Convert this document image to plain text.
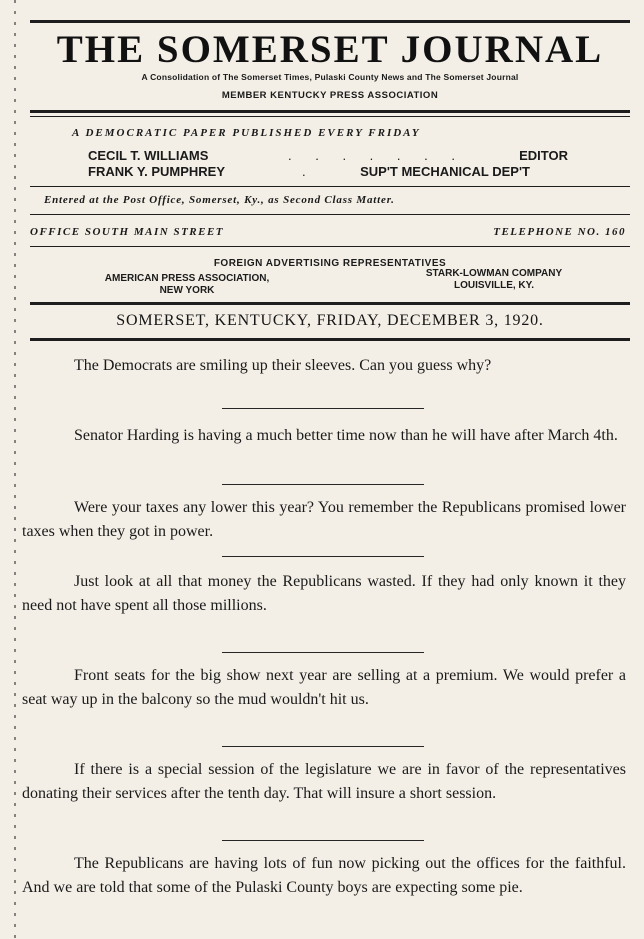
THE SOMERSET JOURNAL
A Consolidation of The Somerset Times, Pulaski County News and The Somerset Journal
MEMBER KENTUCKY PRESS ASSOCIATION
A DEMOCRATIC PAPER PUBLISHED EVERY FRIDAY
CECIL T. WILLIAMS	. . . . . . .	EDITOR
FRANK Y. PUMPHREY	.	SUP'T MECHANICAL DEP'T
Entered at the Post Office, Somerset, Ky., as Second Class Matter.
OFFICE SOUTH MAIN STREET	TELEPHONE NO. 160
FOREIGN ADVERTISING REPRESENTATIVES
AMERICAN PRESS ASSOCIATION,
NEW YORK
STARK-LOWMAN COMPANY
LOUISVILLE, KY.
SOMERSET, KENTUCKY, FRIDAY, DECEMBER 3, 1920.

The Democrats are smiling up their sleeves. Can you guess why?

Senator Harding is having a much better time now than he will have after March 4th.

Were your taxes any lower this year? You remember the Republicans promised lower taxes when they got in power.

Just look at all that money the Republicans wasted. If they had only known it they need not have spent all those millions.

Front seats for the big show next year are selling at a premium. We would prefer a seat way up in the balcony so the mud wouldn't hit us.

If there is a special session of the legislature we are in favor of the representatives donating their services after the tenth day. That will insure a short session.

The Republicans are having lots of fun now picking out the offices for the faithful. And we are told that some of the Pulaski County boys are expecting some pie.
